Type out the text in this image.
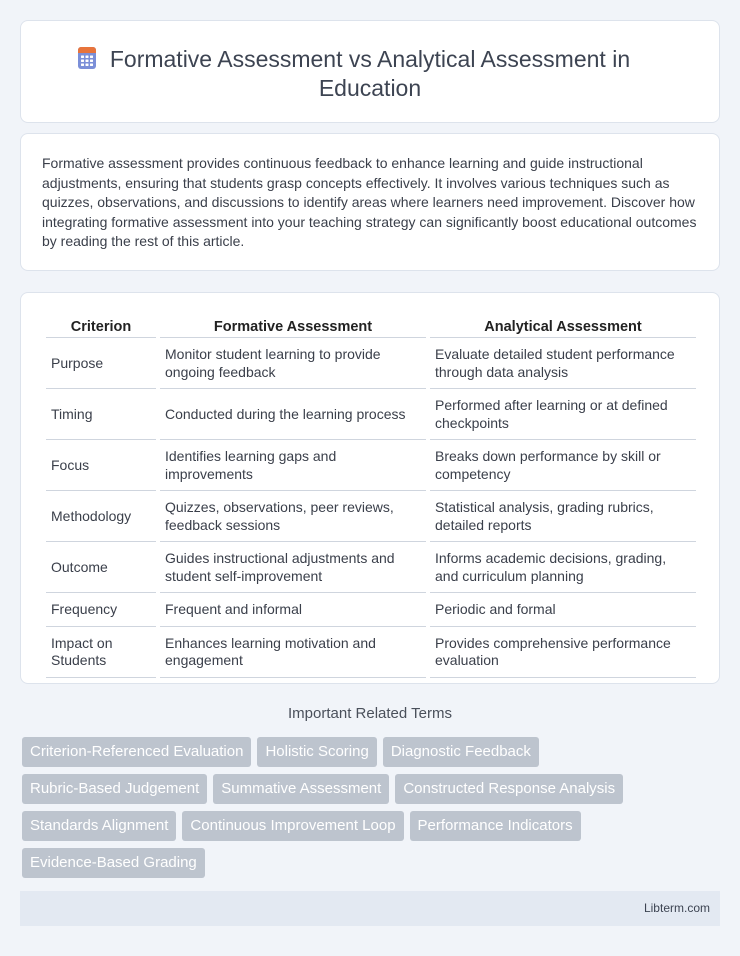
Formative Assessment vs Analytical Assessment in Education

Formative assessment provides continuous feedback to enhance learning and guide instructional adjustments, ensuring that students grasp concepts effectively. It involves various techniques such as quizzes, observations, and discussions to identify areas where learners need improvement. Discover how integrating formative assessment into your teaching strategy can significantly boost educational outcomes by reading the rest of this article.

Criterion	Formative Assessment	Analytical Assessment
Purpose	Monitor student learning to provide ongoing feedback	Evaluate detailed student performance through data analysis
Timing	Conducted during the learning process	Performed after learning or at defined checkpoints
Focus	Identifies learning gaps and improvements	Breaks down performance by skill or competency
Methodology	Quizzes, observations, peer reviews, feedback sessions	Statistical analysis, grading rubrics, detailed reports
Outcome	Guides instructional adjustments and student self-improvement	Informs academic decisions, grading, and curriculum planning
Frequency	Frequent and informal	Periodic and formal
Impact on Students	Enhances learning motivation and engagement	Provides comprehensive performance evaluation
Important Related Terms
Criterion-Referenced Evaluation	Holistic Scoring	Diagnostic Feedback
Rubric-Based Judgement	Summative Assessment	Constructed Response Analysis
Standards Alignment	Continuous Improvement Loop	Performance Indicators
Evidence-Based Grading
Libterm.com
